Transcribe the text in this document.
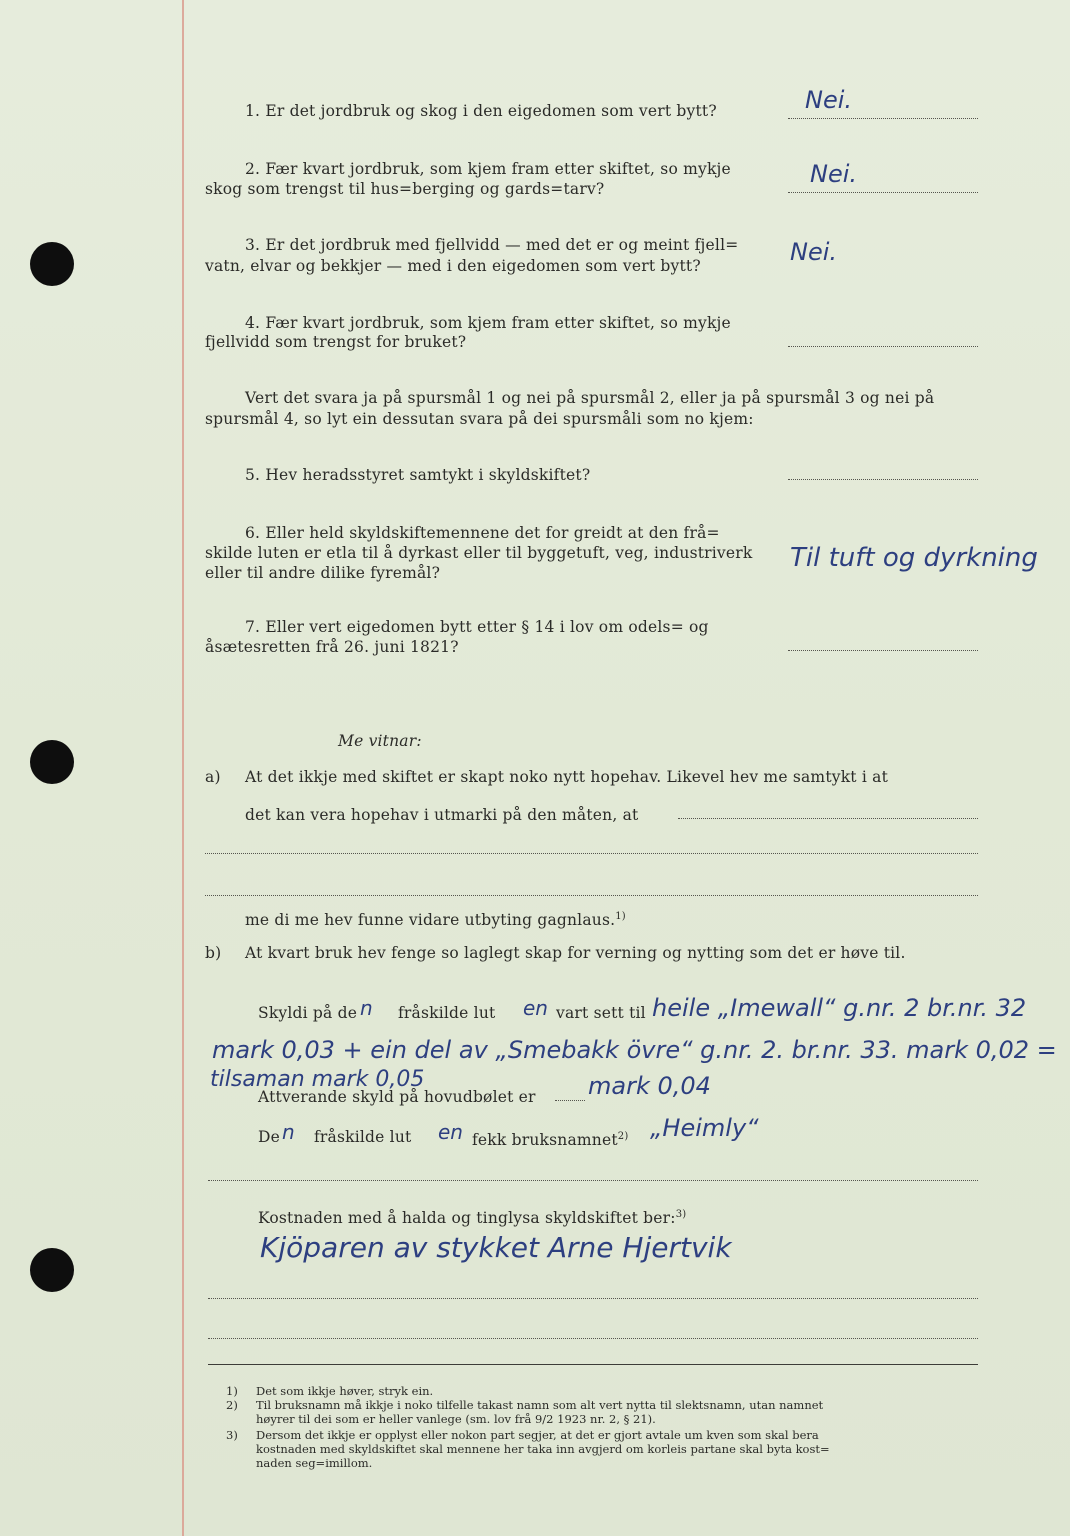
1. Er det jordbruk og skog i den eigedomen som vert bytt?	Nei.
2. Fær kvart jordbruk, som kjem fram etter skiftet, so mykje
skog som trengst til hus=berging og gards=tarv?
Nei.
3. Er det jordbruk med fjellvidd — med det er og meint fjell=
vatn, elvar og bekkjer — med i den eigedomen som vert bytt?	Nei.
4. Fær kvart jordbruk, som kjem fram etter skiftet, so mykje
fjellvidd som trengst for bruket?
Vert det svara ja på spursmål 1 og nei på spursmål 2, eller ja på spursmål 3 og nei på
spursmål 4, so lyt ein dessutan svara på dei spursmåli som no kjem:
5. Hev heradsstyret samtykt i skyldskiftet?
6. Eller held skyldskiftemennene det for greidt at den frå=
skilde luten er etla til å dyrkast eller til byggetuft, veg, industriverk
eller til andre dilike fyremål?	Til tuft og dyrkning
7. Eller vert eigedomen bytt etter § 14 i lov om odels= og
åsætesretten frå 26. juni 1821?
Me vitnar:
a) At det ikkje med skiftet er skapt noko nytt hopehav. Likevel hev me samtykt i at
det kan vera hopehav i utmarki på den måten, at
me di me hev funne vidare utbyting gagnlaus.$^{1)}$
b) At kvart bruk hev fenge so laglegt skap for verning og nytting som det er høve til.
Skyldi på de n fråskilde lut en vart sett til heile „Imewall“ g.nr. 2 br.nr. 32
mark 0,03 + ein del av „Smebakk övre“ g.nr. 2. br.nr. 33. mark 0,02 =
tilsaman mark 0,05
Attverande skyld på hovudbølet er mark 0,04
De n fråskilde lut en fekk bruksnamnet$^{2)}$ „Heimly“
Kostnaden med å halda og tinglysa skyldskiftet ber:$^{3)}$
Kjöparen av stykket Arne Hjertvik
1) Det som ikkje høver, stryk ein.
2) Til bruksnamn må ikkje i noko tilfelle takast namn som alt vert nytta til slektsnamn, utan namnet
høyrer til dei som er heller vanlege (sm. lov frå 9/2 1923 nr. 2, § 21).
3) Dersom det ikkje er opplyst eller nokon part segjer, at det er gjort avtale um kven som skal bera
kostnaden med skyldskiftet skal mennene her taka inn avgjerd om korleis partane skal byta kost=
naden seg=imillom.
